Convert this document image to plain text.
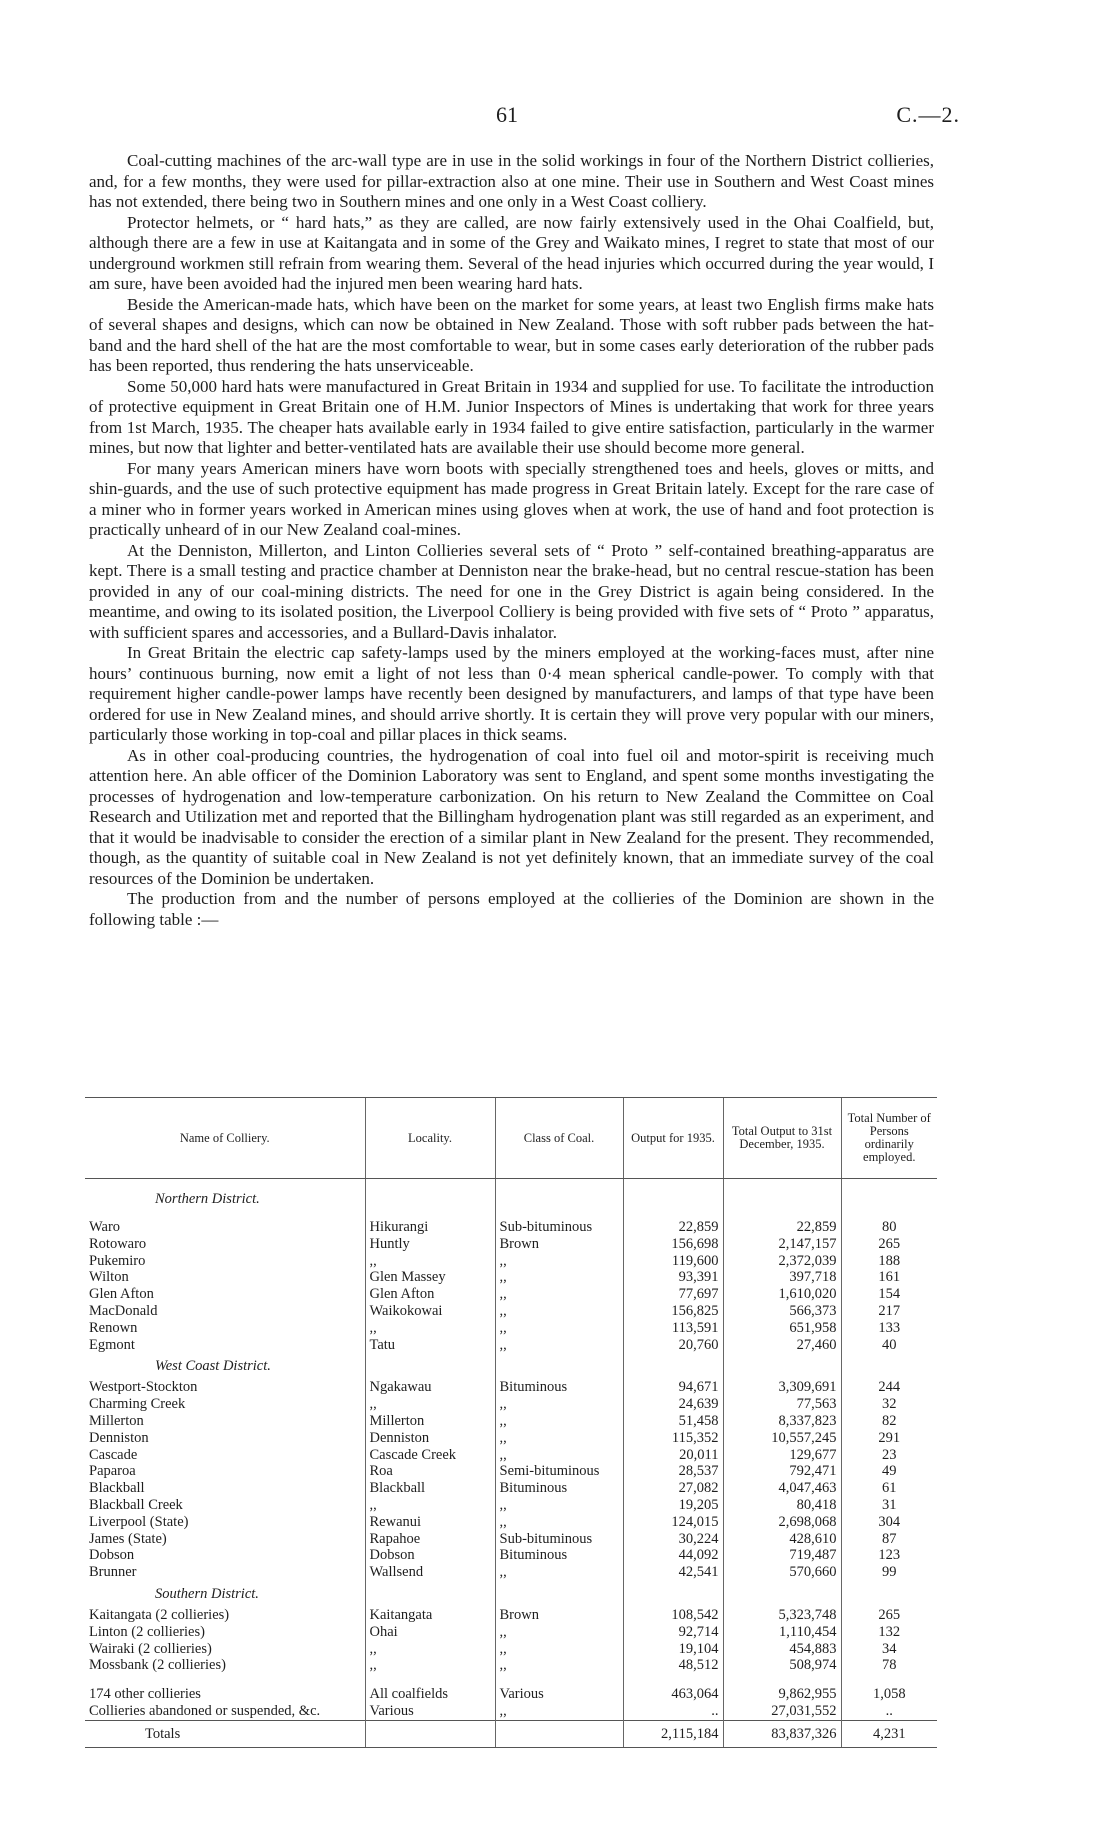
61	C.—2.

Coal-cutting machines of the arc-wall type are in use in the solid workings in four of the Northern District collieries, and, for a few months, they were used for pillar-extraction also at one mine. Their use in Southern and West Coast mines has not extended, there being two in Southern mines and one only in a West Coast colliery.

Protector helmets, or “ hard hats,” as they are called, are now fairly extensively used in the Ohai Coalfield, but, although there are a few in use at Kaitangata and in some of the Grey and Waikato mines, I regret to state that most of our underground workmen still refrain from wearing them. Several of the head injuries which occurred during the year would, I am sure, have been avoided had the injured men been wearing hard hats.

Beside the American-made hats, which have been on the market for some years, at least two English firms make hats of several shapes and designs, which can now be obtained in New Zealand. Those with soft rubber pads between the hat-band and the hard shell of the hat are the most comfortable to wear, but in some cases early deterioration of the rubber pads has been reported, thus rendering the hats unserviceable.

Some 50,000 hard hats were manufactured in Great Britain in 1934 and supplied for use. To facilitate the introduction of protective equipment in Great Britain one of H.M. Junior Inspectors of Mines is undertaking that work for three years from 1st March, 1935. The cheaper hats available early in 1934 failed to give entire satisfaction, particularly in the warmer mines, but now that lighter and better-ventilated hats are available their use should become more general.

For many years American miners have worn boots with specially strengthened toes and heels, gloves or mitts, and shin-guards, and the use of such protective equipment has made progress in Great Britain lately. Except for the rare case of a miner who in former years worked in American mines using gloves when at work, the use of hand and foot protection is practically unheard of in our New Zealand coal-mines.

At the Denniston, Millerton, and Linton Collieries several sets of “ Proto ” self-contained breathing-apparatus are kept. There is a small testing and practice chamber at Denniston near the brake-head, but no central rescue-station has been provided in any of our coal-mining districts. The need for one in the Grey District is again being considered. In the meantime, and owing to its isolated position, the Liverpool Colliery is being provided with five sets of “ Proto ” apparatus, with sufficient spares and accessories, and a Bullard-Davis inhalator.

In Great Britain the electric cap safety-lamps used by the miners employed at the working-faces must, after nine hours’ continuous burning, now emit a light of not less than 0·4 mean spherical candle-power. To comply with that requirement higher candle-power lamps have recently been designed by manufacturers, and lamps of that type have been ordered for use in New Zealand mines, and should arrive shortly. It is certain they will prove very popular with our miners, particularly those working in top-coal and pillar places in thick seams.

As in other coal-producing countries, the hydrogenation of coal into fuel oil and motor-spirit is receiving much attention here. An able officer of the Dominion Laboratory was sent to England, and spent some months investigating the processes of hydrogenation and low-temperature carbonization. On his return to New Zealand the Committee on Coal Research and Utilization met and reported that the Billingham hydrogenation plant was still regarded as an experiment, and that it would be inadvisable to consider the erection of a similar plant in New Zealand for the present. They recommended, though, as the quantity of suitable coal in New Zealand is not yet definitely known, that an immediate survey of the coal resources of the Dominion be undertaken.

The production from and the number of persons employed at the collieries of the Dominion are shown in the following table :—

Name of Colliery.	Locality.	Class of Coal.	Output for 1935.	Total Output to 31st December, 1935.	Total Number of Persons ordinarily employed.
Northern District.					
Waro	Hikurangi	Sub-bituminous	22,859	22,859	80
Rotowaro	Huntly	Brown	156,698	2,147,157	265
Pukemiro	,,	,,	119,600	2,372,039	188
Wilton	Glen Massey	,,	93,391	397,718	161
Glen Afton	Glen Afton	,,	77,697	1,610,020	154
MacDonald	Waikokowai	,,	156,825	566,373	217
Renown	,,	,,	113,591	651,958	133
Egmont	Tatu	,,	20,760	27,460	40
West Coast District.					
Westport-Stockton	Ngakawau	Bituminous	94,671	3,309,691	244
Charming Creek	,,	,,	24,639	77,563	32
Millerton	Millerton	,,	51,458	8,337,823	82
Denniston	Denniston	,,	115,352	10,557,245	291
Cascade	Cascade Creek	,,	20,011	129,677	23
Paparoa	Roa	Semi-bituminous	28,537	792,471	49
Blackball	Blackball	Bituminous	27,082	4,047,463	61
Blackball Creek	,,	,,	19,205	80,418	31
Liverpool (State)	Rewanui	,,	124,015	2,698,068	304
James (State)	Rapahoe	Sub-bituminous	30,224	428,610	87
Dobson	Dobson	Bituminous	44,092	719,487	123
Brunner	Wallsend	,,	42,541	570,660	99
Southern District.					
Kaitangata (2 collieries)	Kaitangata	Brown	108,542	5,323,748	265
Linton (2 collieries)	Ohai	,,	92,714	1,110,454	132
Wairaki (2 collieries)	,,	,,	19,104	454,883	34
Mossbank (2 collieries)	,,	,,	48,512	508,974	78

174 other collieries	All coalfields	Various	463,064	9,862,955	1,058
Collieries abandoned or suspended, &c.	Various	,,	..	27,031,552	..
Totals			2,115,184	83,837,326	4,231
